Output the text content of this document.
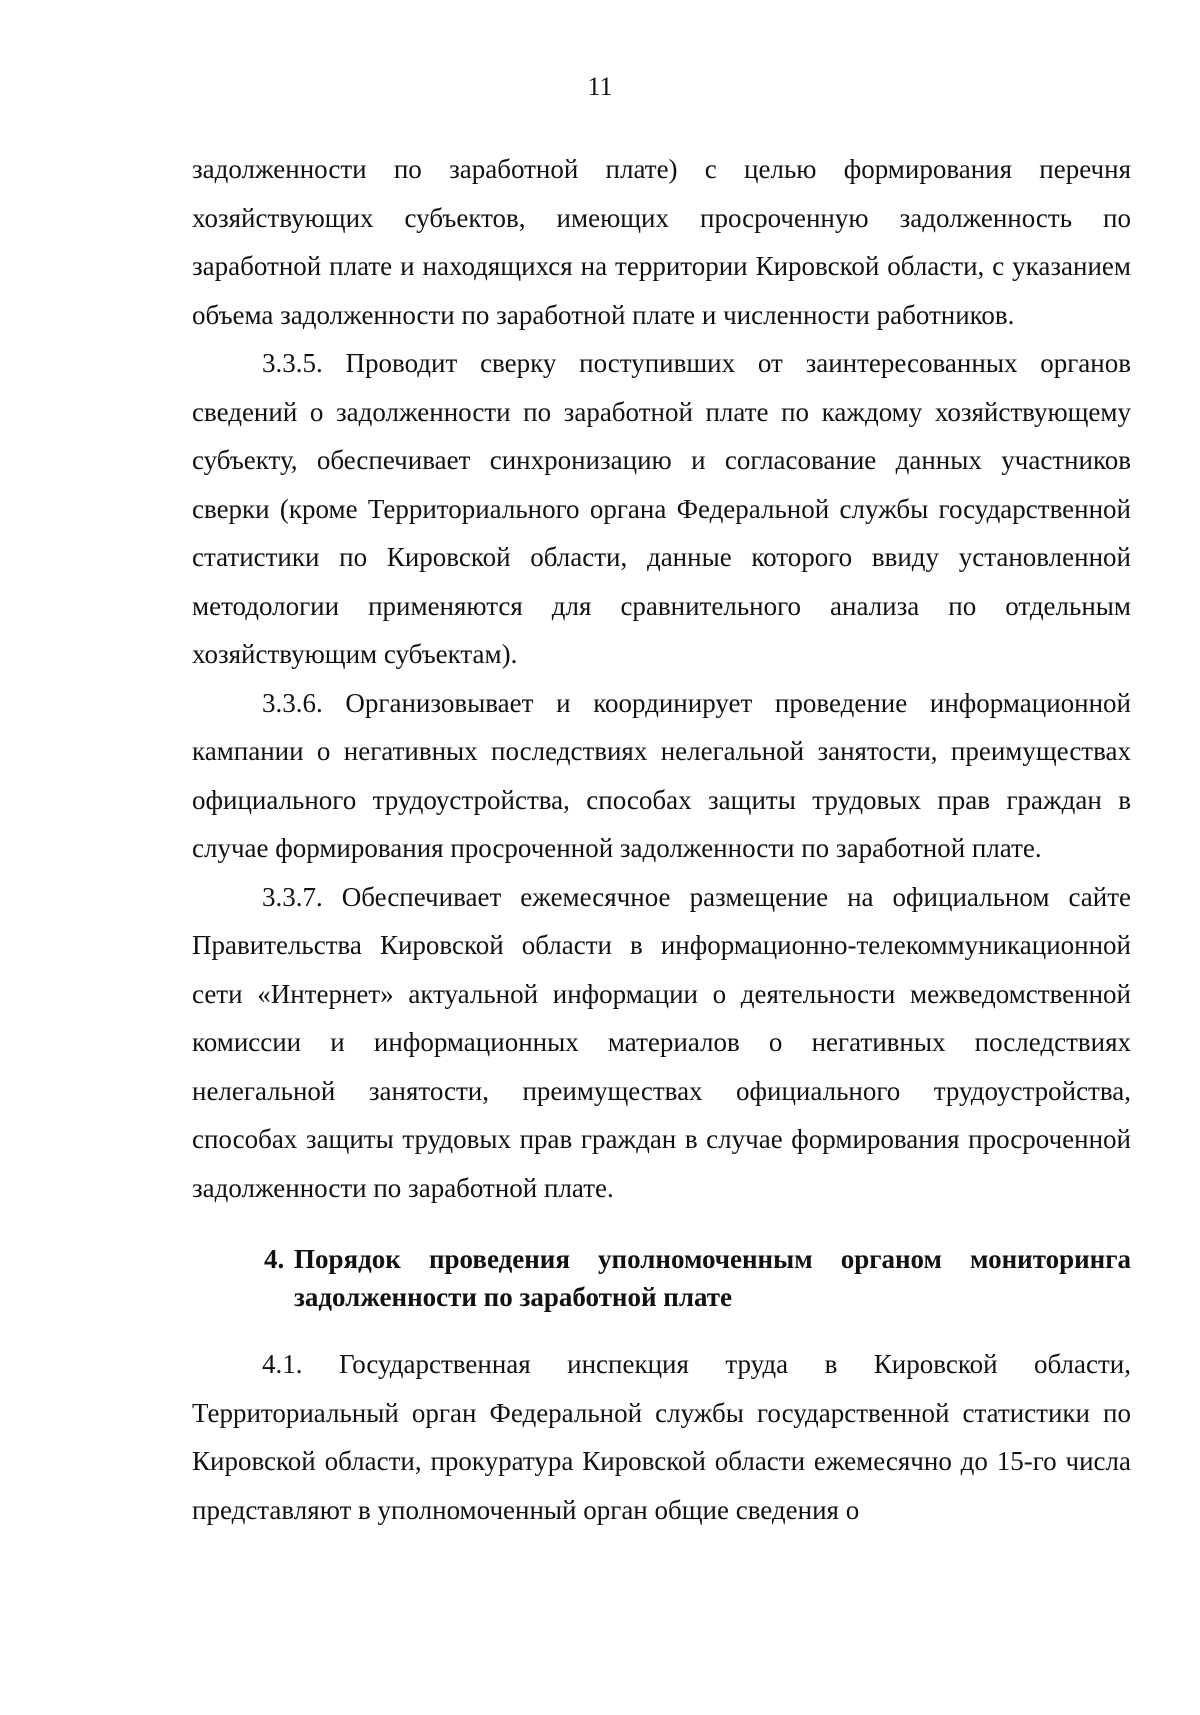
11

задолженности по заработной плате) с целью формирования перечня хозяйствующих субъектов, имеющих просроченную задолженность по заработной плате и находящихся на территории Кировской области, с указанием объема задолженности по заработной плате и численности работников.

3.3.5. Проводит сверку поступивших от заинтересованных органов сведений о задолженности по заработной плате по каждому хозяйствующему субъекту, обеспечивает синхронизацию и согласование данных участников сверки (кроме Территориального органа Федеральной службы государственной статистики по Кировской области, данные которого ввиду установленной методологии применяются для сравнительного анализа по отдельным хозяйствующим субъектам).

3.3.6. Организовывает и координирует проведение информационной кампании о негативных последствиях нелегальной занятости, преимуществах официального трудоустройства, способах защиты трудовых прав граждан в случае формирования просроченной задолженности по заработной плате.

3.3.7. Обеспечивает ежемесячное размещение на официальном сайте Правительства Кировской области в информационно-телекоммуникационной сети «Интернет» актуальной информации о деятельности межведомственной комиссии и информационных материалов о негативных последствиях нелегальной занятости, преимуществах официального трудоустройства, способах защиты трудовых прав граждан в случае формирования просроченной задолженности по заработной плате.

4. Порядок проведения уполномоченным органом мониторинга
задолженности по заработной плате

4.1. Государственная инспекция труда в Кировской области, Территориальный орган Федеральной службы государственной статистики по Кировской области, прокуратура Кировской области ежемесячно до 15-го числа представляют в уполномоченный орган общие сведения о
